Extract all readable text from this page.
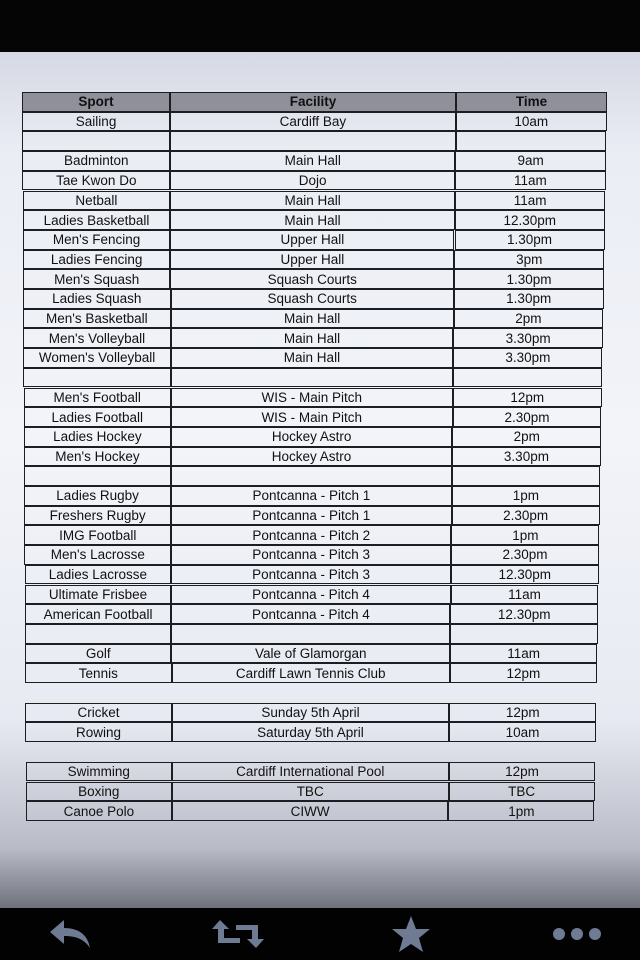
Sport	Facility	Time
Sailing	Cardiff Bay	10am
Badminton	Main Hall	9am
Tae Kwon Do	Dojo	11am
Netball	Main Hall	11am
Ladies Basketball	Main Hall	12.30pm
Men's Fencing	Upper Hall	1.30pm
Ladies Fencing	Upper Hall	3pm
Men's Squash	Squash Courts	1.30pm
Ladies Squash	Squash Courts	1.30pm
Men's Basketball	Main Hall	2pm
Men's Volleyball	Main Hall	3.30pm
Women's Volleyball	Main Hall	3.30pm
Men's Football	WIS - Main Pitch	12pm
Ladies Football	WIS - Main Pitch	2.30pm
Ladies Hockey	Hockey Astro	2pm
Men's Hockey	Hockey Astro	3.30pm
Ladies Rugby	Pontcanna - Pitch 1	1pm
Freshers Rugby	Pontcanna - Pitch 1	2.30pm
IMG Football	Pontcanna - Pitch 2	1pm
Men's Lacrosse	Pontcanna - Pitch 3	2.30pm
Ladies Lacrosse	Pontcanna - Pitch 3	12.30pm
Ultimate Frisbee	Pontcanna - Pitch 4	11am
American Football	Pontcanna - Pitch 4	12.30pm
Golf	Vale of Glamorgan	11am
Tennis	Cardiff Lawn Tennis Club	12pm
Cricket	Sunday 5th April	12pm
Rowing	Saturday 5th April	10am
Swimming	Cardiff International Pool	12pm
Boxing	TBC	TBC
Canoe Polo	CIWW	1pm
